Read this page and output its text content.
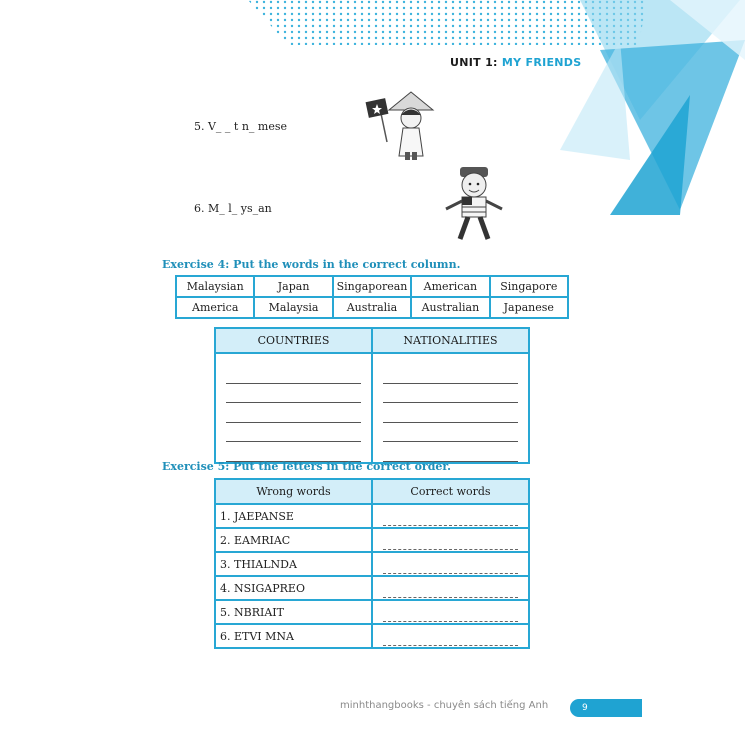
UNIT 1: MY FRIENDS
5. V_ _ t n_ mese
6. M_ l_ ys_an
Exercise 4: Put the words in the correct column.
Malaysian	Japan	Singaporean	American	Singapore
America	Malaysia	Australia	Australian	Japanese
COUNTRIES	NATIONALITIES

Exercise 5: Put the letters in the correct order.
Wrong words	Correct words
1. JAEPANSE	

2. EAMRIAC	

3. THIALNDA	

4. NSIGAPREO	

5. NBRIAIT	

6. ETVI MNA	
minhthangbooks - chuyên sách tiếng Anh	9
